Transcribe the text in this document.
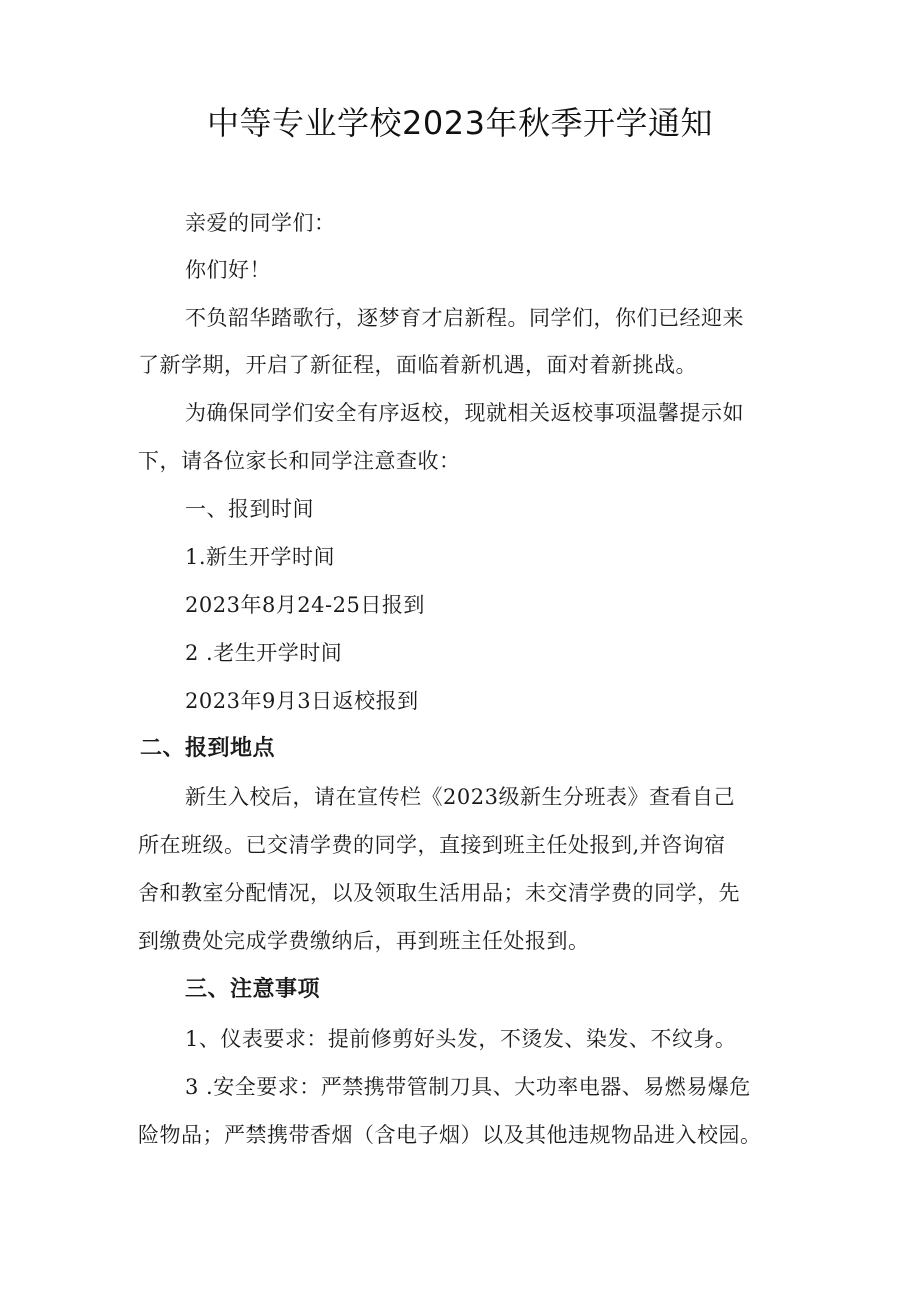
中等专业学校2023年秋季开学通知
亲爱的同学们：
你们好！
不负韶华踏歌行，逐梦育才启新程。同学们，你们已经迎来
了新学期，开启了新征程，面临着新机遇，面对着新挑战。
为确保同学们安全有序返校，现就相关返校事项温馨提示如
下，请各位家长和同学注意查收：
一、报到时间
1.新生开学时间
2023年8月24-25日报到
2 .老生开学时间
2023年9月3日返校报到
二、报到地点
新生入校后，请在宣传栏《2023级新生分班表》查看自己
所在班级。已交清学费的同学，直接到班主任处报到,并咨询宿
舍和教室分配情况，以及领取生活用品；未交清学费的同学，先
到缴费处完成学费缴纳后，再到班主任处报到。
三、注意事项
1、仪表要求：提前修剪好头发，不烫发、染发、不纹身。
3 .安全要求：严禁携带管制刀具、大功率电器、易燃易爆危
险物品；严禁携带香烟（含电子烟）以及其他违规物品进入校园。
